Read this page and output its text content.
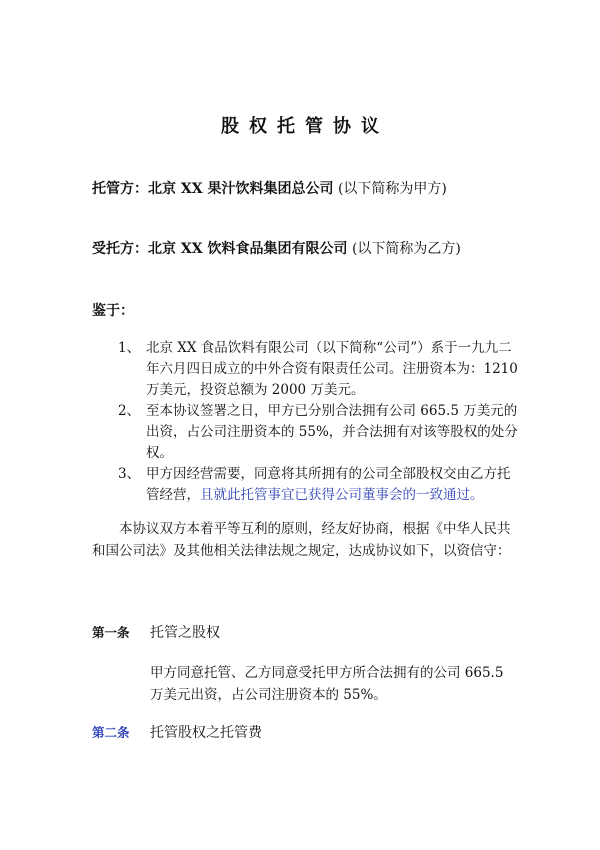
股权托管协议
托管方：北京 XX 果汁饮料集团总公司 (以下简称为甲方)
受托方：北京 XX 饮料食品集团有限公司 (以下简称为乙方)
鉴于：
1、 北京 XX 食品饮料有限公司（以下简称“公司”）系于一九九二年六月四日成立的中外合资有限责任公司。注册资本为：1210 万美元，投资总额为 2000 万美元。
2、 至本协议签署之日，甲方已分别合法拥有公司 665.5 万美元的出资，占公司注册资本的 55%，并合法拥有对该等股权的处分权。
3、 甲方因经营需要，同意将其所拥有的公司全部股权交由乙方托管经营，且就此托管事宜已获得公司董事会的一致通过。
本协议双方本着平等互利的原则，经友好协商，根据《中华人民共和国公司法》及其他相关法律法规之规定，达成协议如下，以资信守：
第一条 托管之股权
甲方同意托管、乙方同意受托甲方所合法拥有的公司 665.5 万美元出资，占公司注册资本的 55%。
第二条 托管股权之托管费
